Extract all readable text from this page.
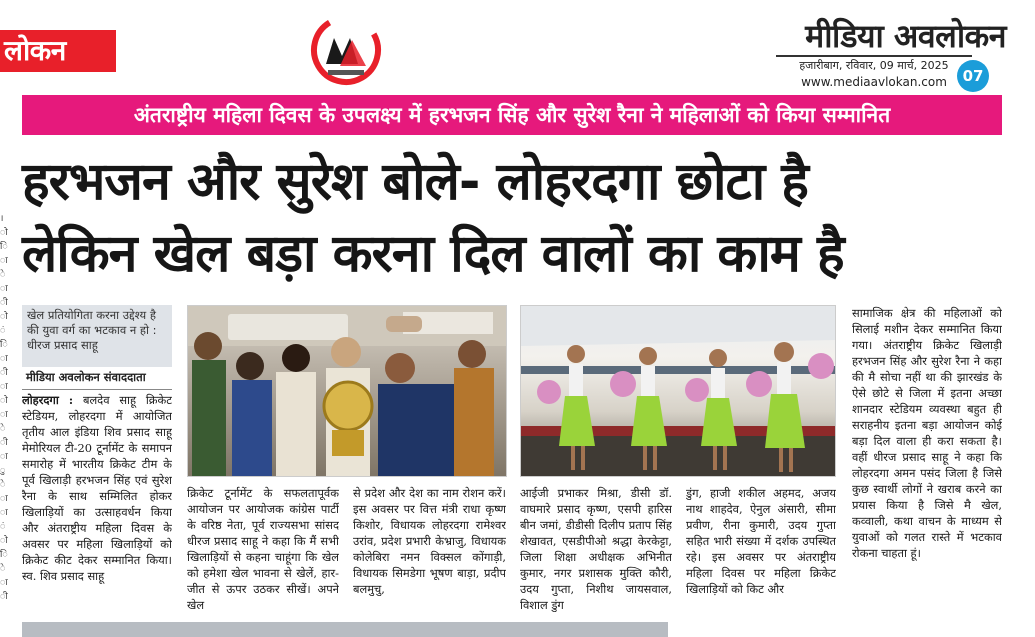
लोकन	मीडिया अवलोकन
हजारीबाग, रविवार, 09 मार्च, 2025
www.mediaavlokan.com	07
अंतराष्ट्रीय महिला दिवस के उपलक्ष्य में हरभजन सिंह और सुरेश रैना ने महिलाओं को किया सम्मानित
हरभजन और सुरेश बोले- लोहरदगा छोटा है
लेकिन खेल बड़ा करना दिल वालों का काम है
।
ो
ि
ा
े
ा
ी
ो
ं
ि
ा
ी
ा
ो
ा
े
ी
ा
ु
े
ा
ा
ं
ो
ि
े
ा
ी
खेल प्रतियोगिता करना उद्देश्य है की युवा वर्ग का भटकाव न हो : धीरज प्रसाद साहू
मीडिया अवलोकन संवाददाता
लोहरदगा : बलदेव साहू क्रिकेट स्टेडियम, लोहरदगा में आयोजित तृतीय आल इंडिया शिव प्रसाद साहू मेमोरियल टी-20 टूर्नामेंट के समापन समारोह में भारतीय क्रिकेट टीम के पूर्व खिलाड़ी हरभजन सिंह एवं सुरेश रैना के साथ सम्मिलित होकर खिलाड़ियों का उत्साहवर्धन किया और अंतराष्ट्रीय महिला दिवस के अवसर पर महिला खिलाड़ियों को क्रिकेट कीट देकर सम्मानित किया। स्व. शिव प्रसाद साहू
क्रिकेट टूर्नामेंट के सफलतापूर्वक आयोजन पर आयोजक कांग्रेस पार्टी के वरिष्ठ नेता, पूर्व राज्यसभा सांसद धीरज प्रसाद साहू ने कहा कि मैं सभी खिलाड़ियों से कहना चाहूंगा कि खेल को हमेशा खेल भावना से खेलें, हार-जीत से ऊपर उठकर सीखें। अपने खेल
से प्रदेश और देश का नाम रोशन करें। इस अवसर पर वित्त मंत्री राधा कृष्ण किशोर, विधायक लोहरदगा रामेश्वर उरांव, प्रदेश प्रभारी केभ्राजु, विधायक कोलेबिरा नमन विक्सल कोंगाड़ी, विधायक सिमडेगा भूषण बाड़ा, प्रदीप बलमुचु,
आईजी प्रभाकर मिश्रा, डीसी डॉ. वाघमारे प्रसाद कृष्ण, एसपी हारिस बीन जमां, डीडीसी दिलीप प्रताप सिंह शेखावत, एसडीपीओ श्रद्धा केरकेट्टा, जिला शिक्षा अधीक्षक अभिनीत कुमार, नगर प्रशासक मुक्ति कौरी, उदय गुप्ता, निशीथ जायसवाल, विशाल डुंग
डुंग, हाजी शकील अहमद, अजय नाथ शाहदेव, ऐनुल अंसारी, सीमा प्रवीण, रीना कुमारी, उदय गुप्ता सहित भारी संख्या में दर्शक उपस्थित रहे। इस अवसर पर अंतराष्ट्रीय महिला दिवस पर महिला क्रिकेट खिलाड़ियों को किट और
सामाजिक क्षेत्र की महिलाओं को सिलाई मशीन देकर सम्मानित किया गया। अंतराष्ट्रीय क्रिकेट खिलाड़ी हरभजन सिंह और सुरेश रैना ने कहा की मै सोचा नहीं था की झारखंड के ऐसे छोटे से जिला में इतना अच्छा शानदार स्टेडियम व्यवस्था बहुत ही सराहनीय इतना बड़ा आयोजन कोई बड़ा दिल वाला ही करा सकता है। वहीं धीरज प्रसाद साहू ने कहा कि लोहरदगा अमन पसंद जिला है जिसे कुछ स्वार्थी लोगों ने खराब करने का प्रयास किया है जिसे मै खेल, कव्वाली, कथा वाचन के माध्यम से युवाओं को गलत रास्ते में भटकाव रोकना चाहता हूं।
